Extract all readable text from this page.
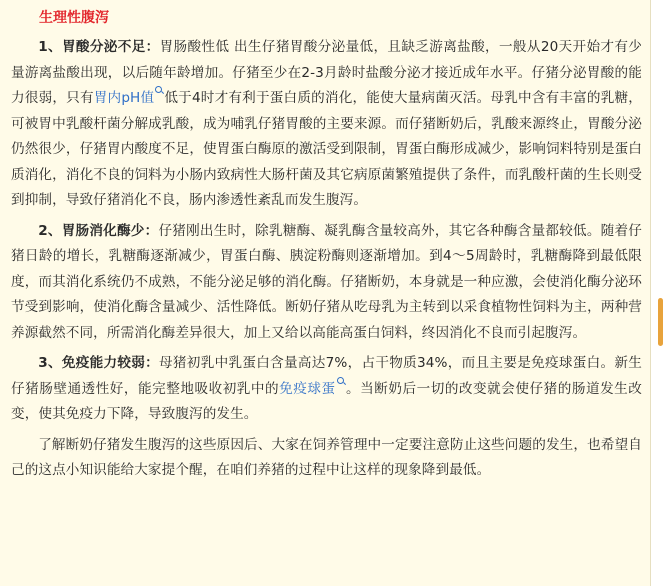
生理性腹泻

1、胃酸分泌不足：胃肠酸性低 出生仔猪胃酸分泌量低，且缺乏游离盐酸，一般从20天开始才有少量游离盐酸出现，以后随年龄增加。仔猪至少在2-3月龄时盐酸分泌才接近成年水平。仔猪分泌胃酸的能力很弱，只有胃内pH值 低于4时才有利于蛋白质的消化，能使大量病菌灭活。母乳中含有丰富的乳糖，可被胃中乳酸杆菌分解成乳酸，成为哺乳仔猪胃酸的主要来源。而仔猪断奶后，乳酸来源终止，胃酸分泌仍然很少，仔猪胃内酸度不足，使胃蛋白酶原的激活受到限制，胃蛋白酶形成减少，影响饲料特别是蛋白质消化，消化不良的饲料为小肠内致病性大肠杆菌及其它病原菌繁殖提供了条件，而乳酸杆菌的生长则受到抑制，导致仔猪消化不良，肠内渗透性紊乱而发生腹泻。

2、胃肠消化酶少：仔猪刚出生时，除乳糖酶、凝乳酶含量较高外，其它各种酶含量都较低。随着仔猪日龄的增长，乳糖酶逐渐减少，胃蛋白酶、胰淀粉酶则逐渐增加。到4～5周龄时，乳糖酶降到最低限度，而其消化系统仍不成熟，不能分泌足够的消化酶。仔猪断奶，本身就是一种应激，会使消化酶分泌环节受到影响，使消化酶含量减少、活性降低。断奶仔猪从吃母乳为主转到以采食植物性饲料为主，两种营养源截然不同，所需消化酶差异很大，加上又给以高能高蛋白饲料，终因消化不良而引起腹泻。

3、免疫能力较弱：母猪初乳中乳蛋白含量高达7%，占干物质34%，而且主要是免疫球蛋白。新生仔猪肠壁通透性好，能完整地吸收初乳中的免疫球蛋 。当断奶后一切的改变就会使仔猪的肠道发生改变，使其免疫力下降，导致腹泻的发生。

了解断奶仔猪发生腹泻的这些原因后、大家在饲养管理中一定要注意防止这些问题的发生，也希望自己的这点小知识能给大家提个醒，在咱们养猪的过程中让这样的现象降到最低。
